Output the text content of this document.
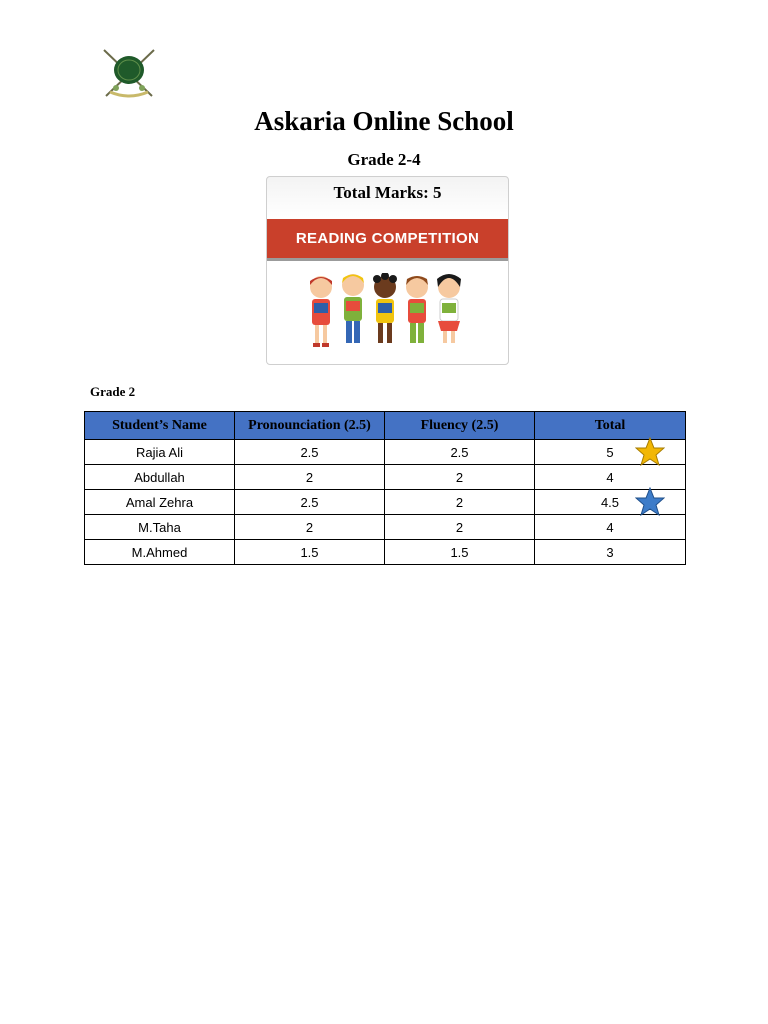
Askaria Online School
Grade 2-4
Total Marks: 5
READING COMPETITION
Grade 2
Student’s Name	Pronounciation (2.5)	Fluency (2.5)	Total
Rajia Ali	2.5	2.5	5

Abdullah	2	2	4
Amal Zehra	2.5	2	4.5

M.Taha	2	2	4
M.Ahmed	1.5	1.5	3
